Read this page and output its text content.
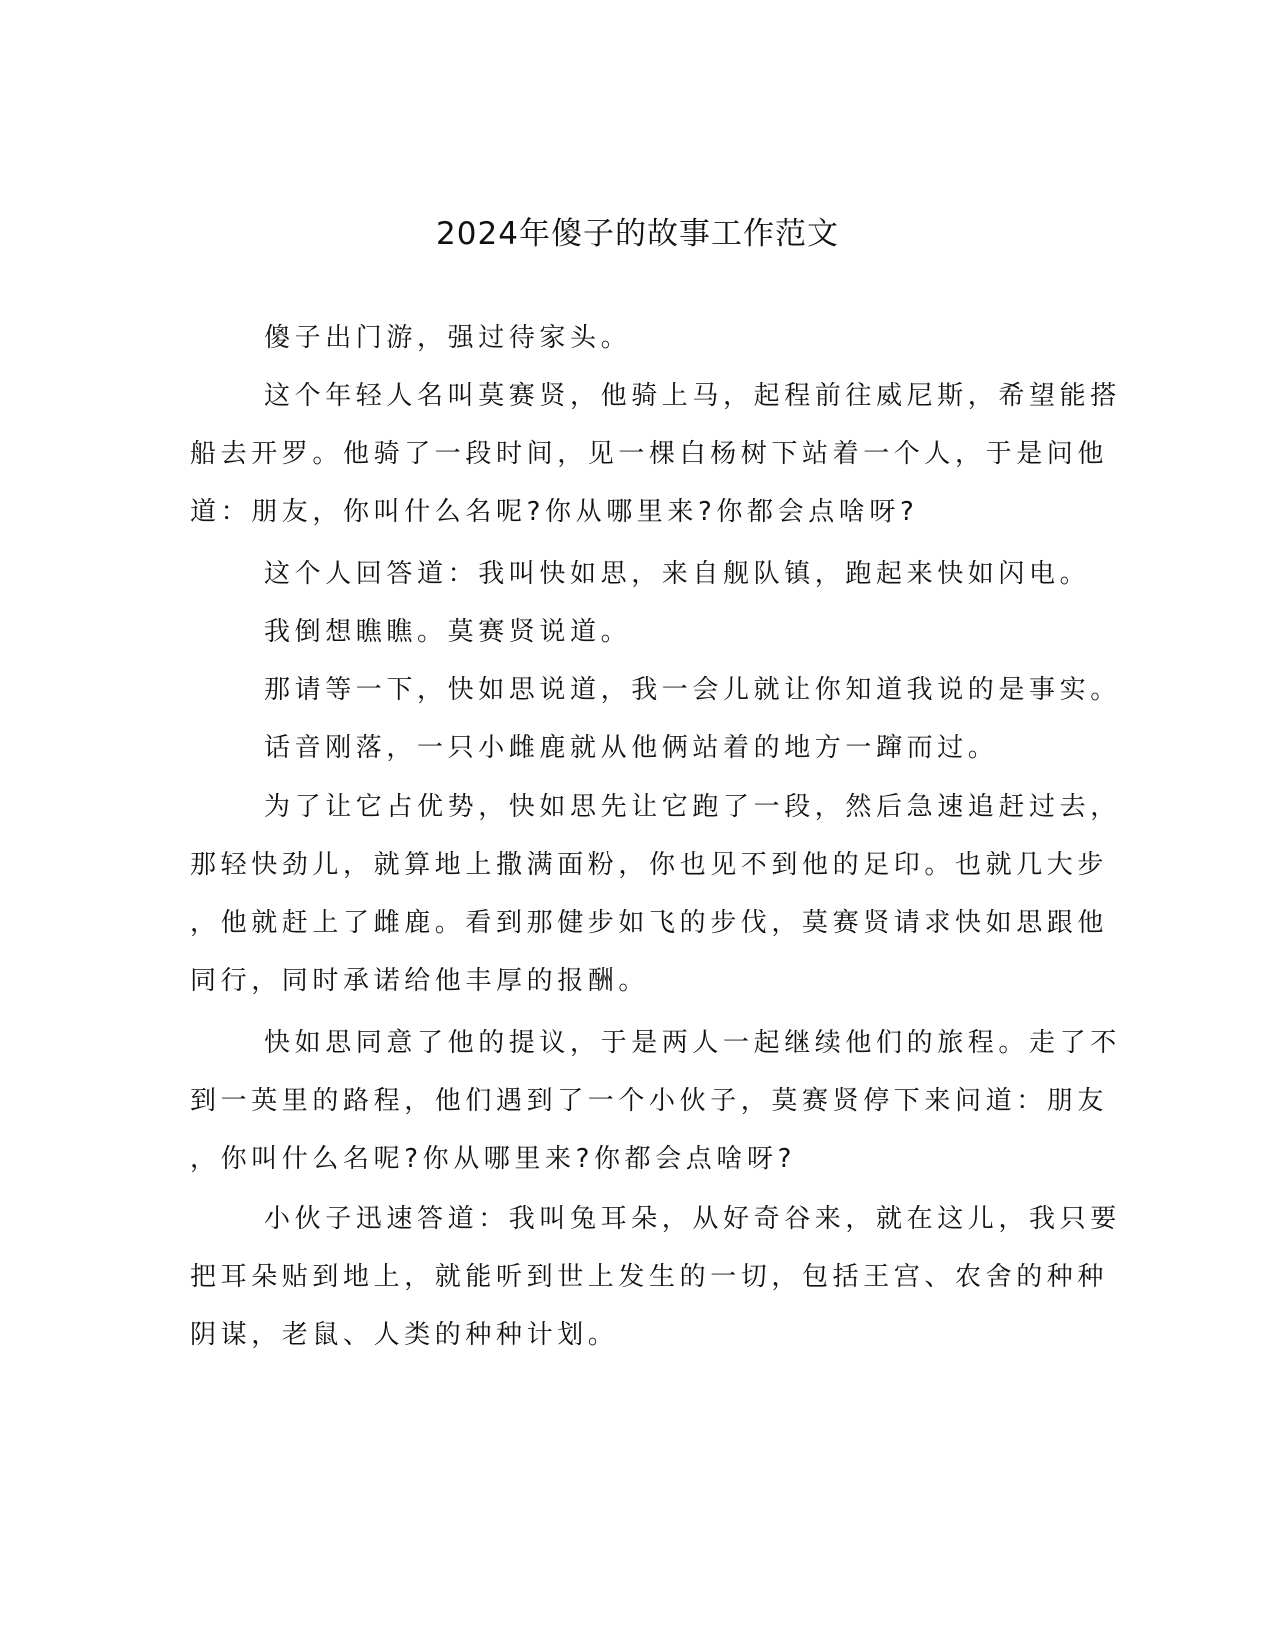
2024年傻子的故事工作范文
傻子出门游，强过待家头。
这个年轻人名叫莫赛贤，他骑上马，起程前往威尼斯，希望能搭
船去开罗。他骑了一段时间，见一棵白杨树下站着一个人，于是问他
道：朋友，你叫什么名呢?你从哪里来?你都会点啥呀?
这个人回答道：我叫快如思，来自舰队镇，跑起来快如闪电。
我倒想瞧瞧。莫赛贤说道。
那请等一下，快如思说道，我一会儿就让你知道我说的是事实。
话音刚落，一只小雌鹿就从他俩站着的地方一蹿而过。
为了让它占优势，快如思先让它跑了一段，然后急速追赶过去，
那轻快劲儿，就算地上撒满面粉，你也见不到他的足印。也就几大步
，他就赶上了雌鹿。看到那健步如飞的步伐，莫赛贤请求快如思跟他
同行，同时承诺给他丰厚的报酬。
快如思同意了他的提议，于是两人一起继续他们的旅程。走了不
到一英里的路程，他们遇到了一个小伙子，莫赛贤停下来问道：朋友
，你叫什么名呢?你从哪里来?你都会点啥呀?
小伙子迅速答道：我叫兔耳朵，从好奇谷来，就在这儿，我只要
把耳朵贴到地上，就能听到世上发生的一切，包括王宫、农舍的种种
阴谋，老鼠、人类的种种计划。
